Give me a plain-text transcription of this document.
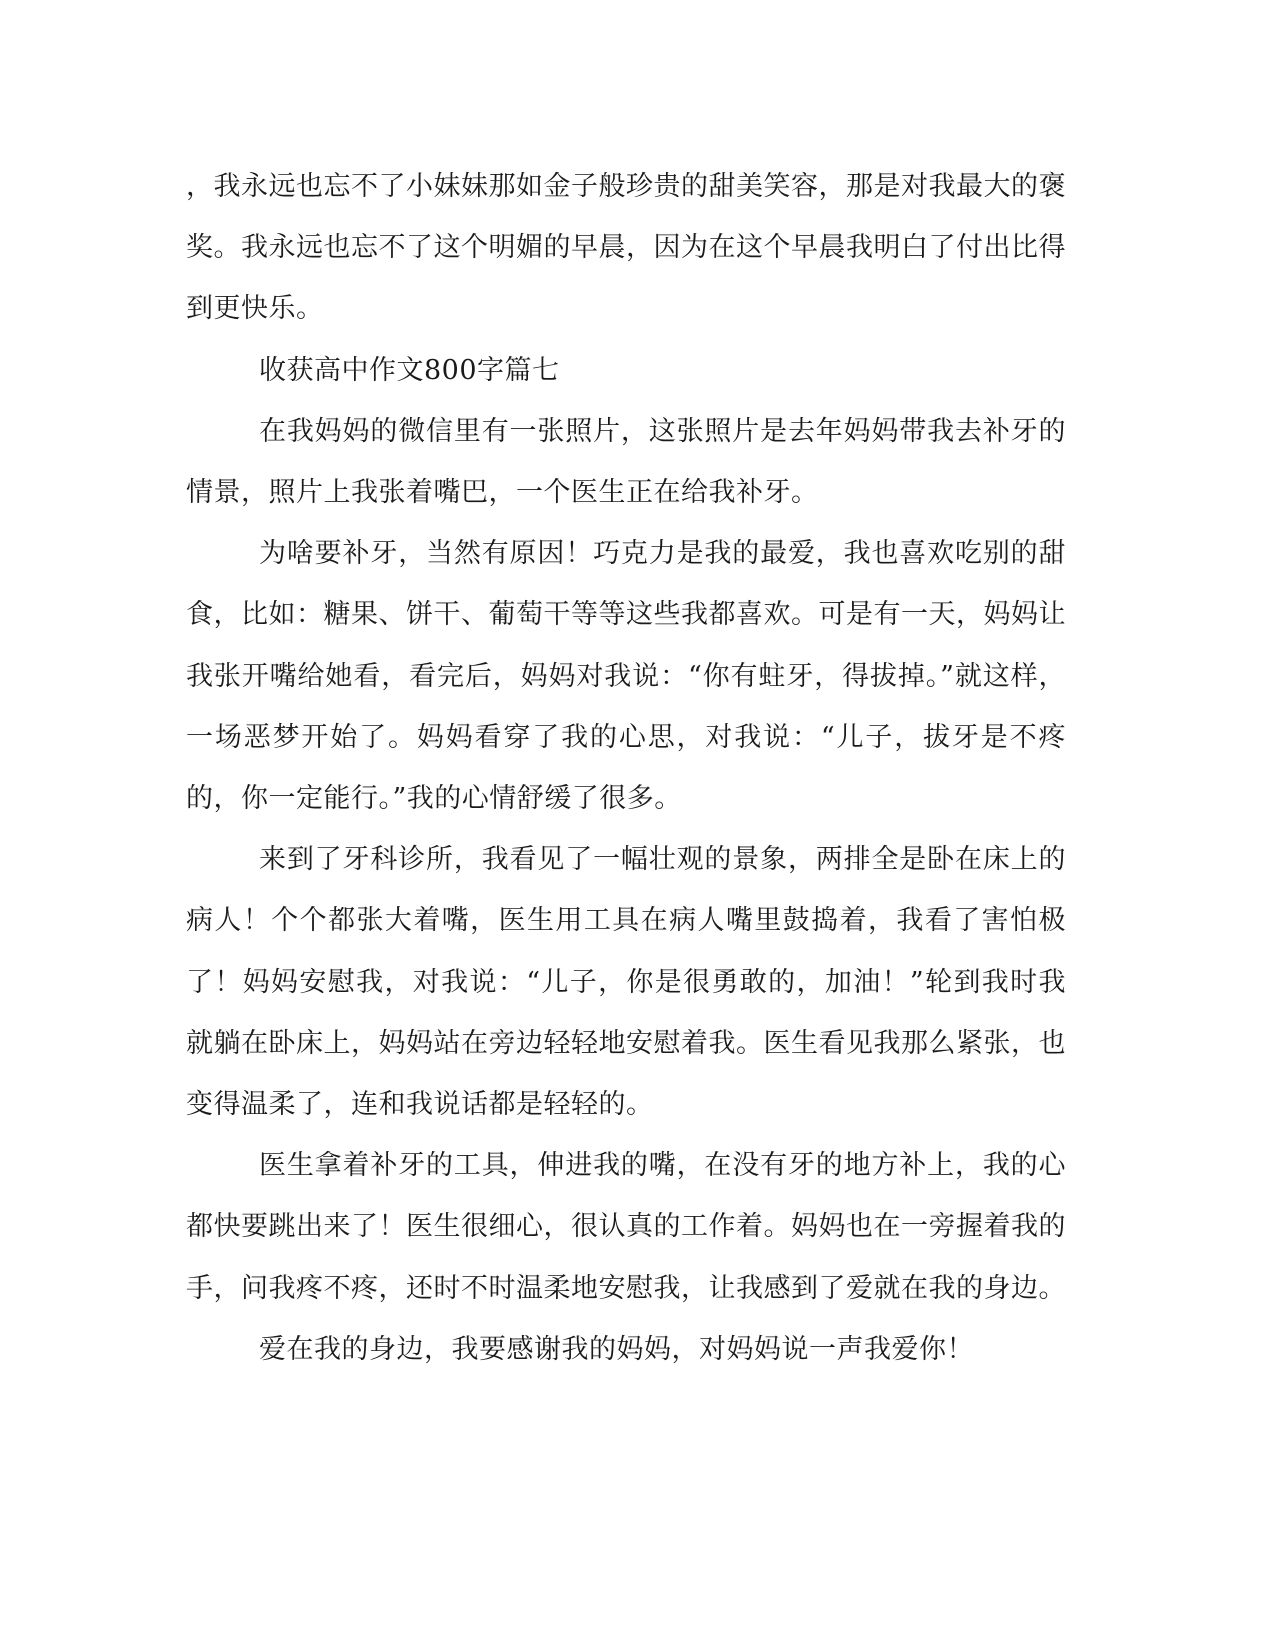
，我永远也忘不了小妹妹那如金子般珍贵的甜美笑容，那是对我最大的褒奖。我永远也忘不了这个明媚的早晨，因为在这个早晨我明白了付出比得到更快乐。

收获高中作文800字篇七

在我妈妈的微信里有一张照片，这张照片是去年妈妈带我去补牙的情景，照片上我张着嘴巴，一个医生正在给我补牙。

为啥要补牙，当然有原因！巧克力是我的最爱，我也喜欢吃别的甜食，比如：糖果、饼干、葡萄干等等这些我都喜欢。可是有一天，妈妈让我张开嘴给她看，看完后，妈妈对我说：“你有蛀牙，得拔掉。”就这样，一场恶梦开始了。妈妈看穿了我的心思，对我说：“儿子，拔牙是不疼的，你一定能行。”我的心情舒缓了很多。

来到了牙科诊所，我看见了一幅壮观的景象，两排全是卧在床上的病人！个个都张大着嘴，医生用工具在病人嘴里鼓捣着，我看了害怕极了！妈妈安慰我，对我说：“儿子，你是很勇敢的，加油！”轮到我时我就躺在卧床上，妈妈站在旁边轻轻地安慰着我。医生看见我那么紧张，也变得温柔了，连和我说话都是轻轻的。

医生拿着补牙的工具，伸进我的嘴，在没有牙的地方补上，我的心都快要跳出来了！医生很细心，很认真的工作着。妈妈也在一旁握着我的手，问我疼不疼，还时不时温柔地安慰我，让我感到了爱就在我的身边。

爱在我的身边，我要感谢我的妈妈，对妈妈说一声我爱你！
